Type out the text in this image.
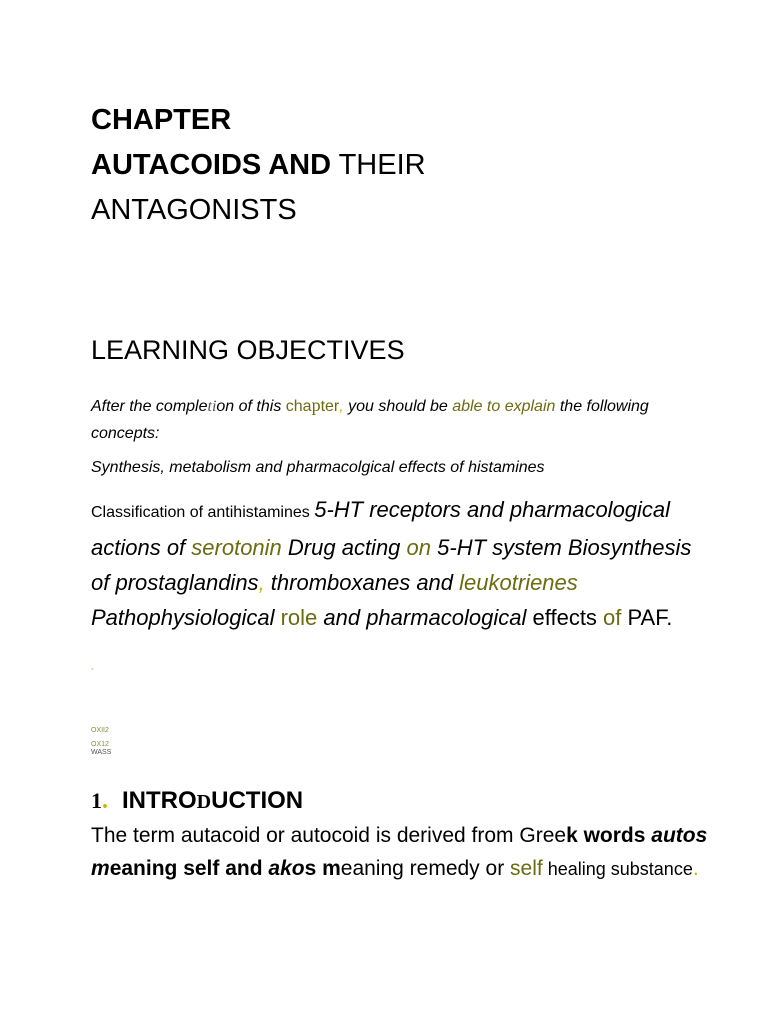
CHAPTER
AUTACOIDS AND THEIR
ANTAGONISTS
LEARNING OBJECTIVES
After the completion of this chapter, you should be able to explain the following concepts:
Synthesis, metabolism and pharmacolgical effects of histamines
Classification of antihistamines 5-HT receptors and pharmacological actions of serotonin Drug acting on 5-HT system Biosynthesis of prostaglandins, thromboxanes and leukotrienes Pathophysiological role and pharmacological effects of PAF.
°
OXII2
OX12
WASS
1. INTRODUCTION
The term autacoid or autocoid is derived from Greek words autos meaning self and akos meaning remedy or self healing substance.
